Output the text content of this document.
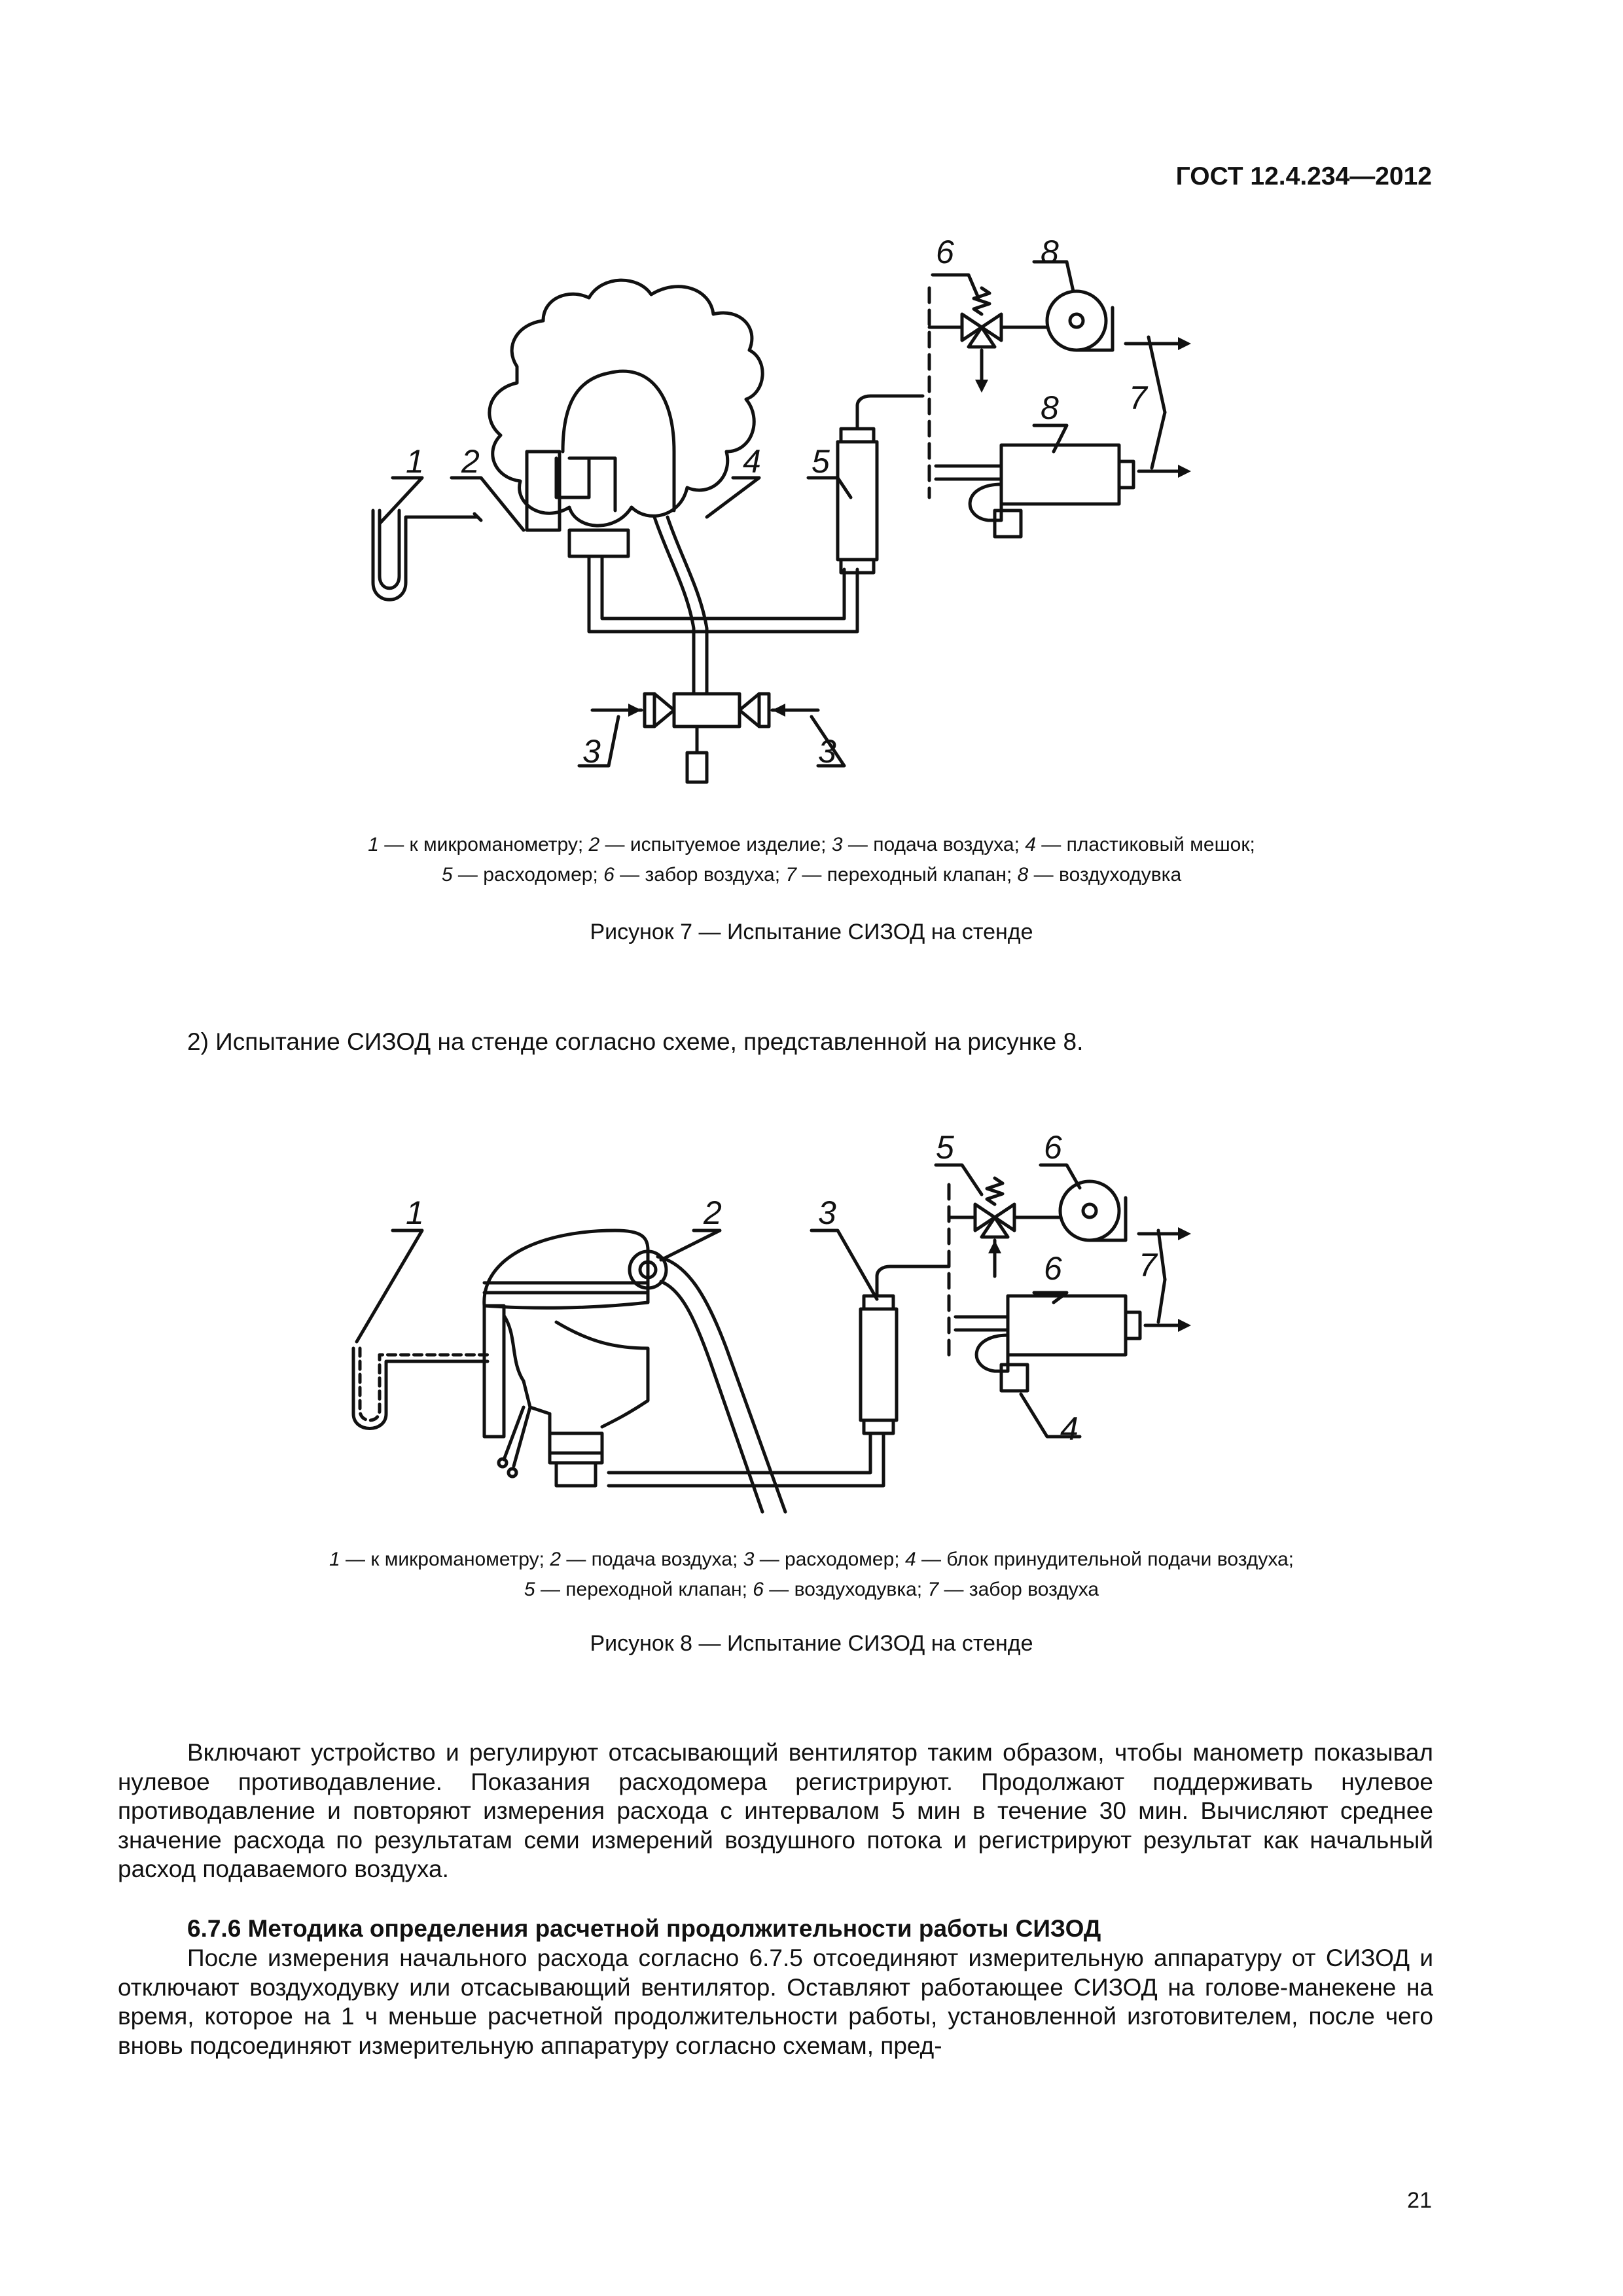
ГОСТ 12.4.234—2012
1 2
3	3
4 5
6
7
8
8
1 — к микроманометру; 2 — испытуемое изделие; 3 — подача воздуха; 4 — пластиковый мешок;
5 — расходомер; 6 — забор воздуха; 7 — переходный клапан; 8 — воздуходувка
Рисунок 7 — Испытание СИЗОД на стенде
2) Испытание СИЗОД на стенде согласно схеме, представленной на рисунке 8.
1	2	3
4
5	6
6 7
1 — к микроманометру; 2 — подача воздуха; 3 — расходомер; 4 — блок принудительной подачи воздуха;
5 — переходной клапан; 6 — воздуходувка; 7 — забор воздуха
Рисунок 8 — Испытание СИЗОД на стенде

Включают устройство и регулируют отсасывающий вентилятор таким образом, чтобы манометр показывал нулевое противодавление. Показания расходомера регистрируют. Продолжают поддерживать нулевое противодавление и повторяют измерения расхода с интервалом 5 мин в течение 30 мин. Вычисляют среднее значение расхода по результатам семи измерений воздушного потока и регистрируют результат как начальный расход подаваемого воздуха.

6.7.6 Методика определения расчетной продолжительности работы СИЗОД

После измерения начального расхода согласно 6.7.5 отсоединяют измерительную аппаратуру от СИЗОД и отключают воздуходувку или отсасывающий вентилятор. Оставляют работающее СИЗОД на голове-манекене на время, которое на 1 ч меньше расчетной продолжительности работы, установленной изготовителем, после чего вновь подсоединяют измерительную аппаратуру согласно схемам, пред-

21
